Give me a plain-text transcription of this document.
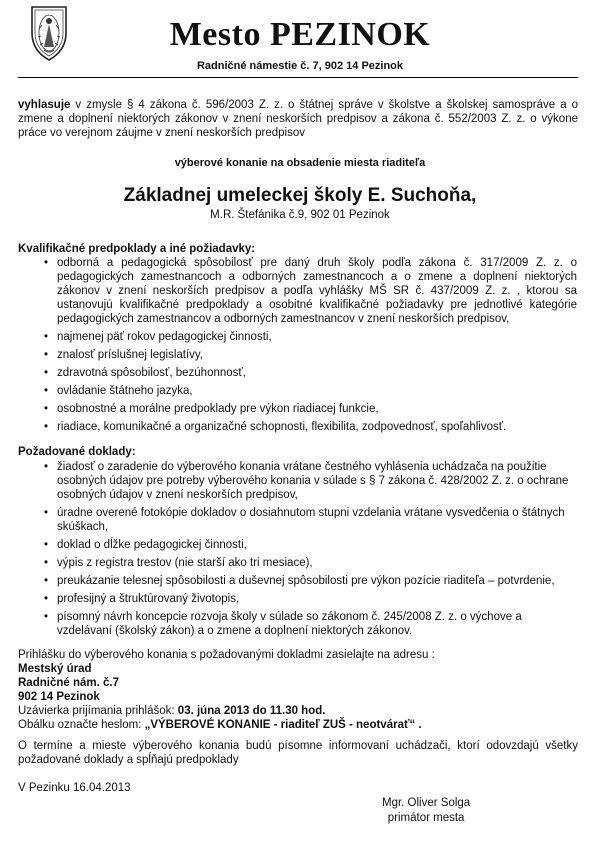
Mesto PEZINOK
Radničné námestie č. 7, 902 14 Pezinok
vyhlasuje v zmysle § 4 zákona č. 596/2003 Z. z. o štátnej správe v školstve a školskej samospráve a o zmene a doplnení niektorých zákonov v znení neskorších predpisov a zákona č. 552/2003 Z. z. o výkone práce vo verejnom záujme v znení neskorších predpisov
výberové konanie na obsadenie miesta riaditeľa
Základnej umeleckej školy E. Suchoňa,
M.R. Štefánika č.9, 902 01 Pezinok
Kvalifikačné predpoklady a iné požiadavky:
• odborná a pedagogická spôsobilosť pre daný druh školy podľa zákona č. 317/2009 Z. z. o pedagogických zamestnancoch a odborných zamestnancoch a o zmene a doplnení niektorých zákonov v znení neskorších predpisov a podľa vyhlášky MŠ SR č. 437/2009 Z. z. , ktorou sa ustanovujú kvalifikačné predpoklady a osobitné kvalifikačné požiadavky pre jednotlivé kategórie pedagogických zamestnancov a odborných zamestnancov v znení neskorších predpisov,
• najmenej päť rokov pedagogickej činnosti,
• znalosť príslušnej legislatívy,
• zdravotná spôsobilosť, bezúhonnosť,
• ovládanie štátneho jazyka,
• osobnostné a morálne predpoklady pre výkon riadiacej funkcie,
• riadiace, komunikačné a organizačné schopnosti, flexibilita, zodpovednosť, spoľahlivosť.
Požadované doklady:
• žiadosť o zaradenie do výberového konania vrátane čestného vyhlásenia uchádzača na použitie osobných údajov pre potreby výberového konania v súlade s § 7 zákona č. 428/2002 Z. z. o ochrane osobných údajov v znení neskorších predpisov,
• úradne overené fotokópie dokladov o dosiahnutom stupni vzdelania vrátane vysvedčenia o štátnych skúškach,
• doklad o dĺžke pedagogickej činnosti,
• výpis z registra trestov (nie starší ako tri mesiace),
• preukázanie telesnej spôsobilosti a duševnej spôsobilosti pre výkon pozície riaditeľa – potvrdenie,
• profesijný a štruktúrovaný životopis,
• písomný návrh koncepcie rozvoja školy v súlade so zákonom č. 245/2008 Z. z. o výchove a vzdelávaní (školský zákon) a o zmene a doplnení niektorých zákonov.
Prihlášku do výberového konania s požadovanými dokladmi zasielajte na adresu :
Mestský úrad
Radničné nám. č.7
902 14 Pezinok
Uzávierka prijímania prihlášok: 03. júna 2013 do 11.30 hod.
Obálku označte heslom: „VÝBEROVÉ KONANIE - riaditeľ ZUŠ - neotvárať“ .
O termíne a mieste výberového konania budú písomne informovaní uchádzači, ktorí odovzdajú všetky požadované doklady a spĺňajú predpoklady
V Pezinku 16.04.2013
Mgr. Oliver Solga
primátor mesta
